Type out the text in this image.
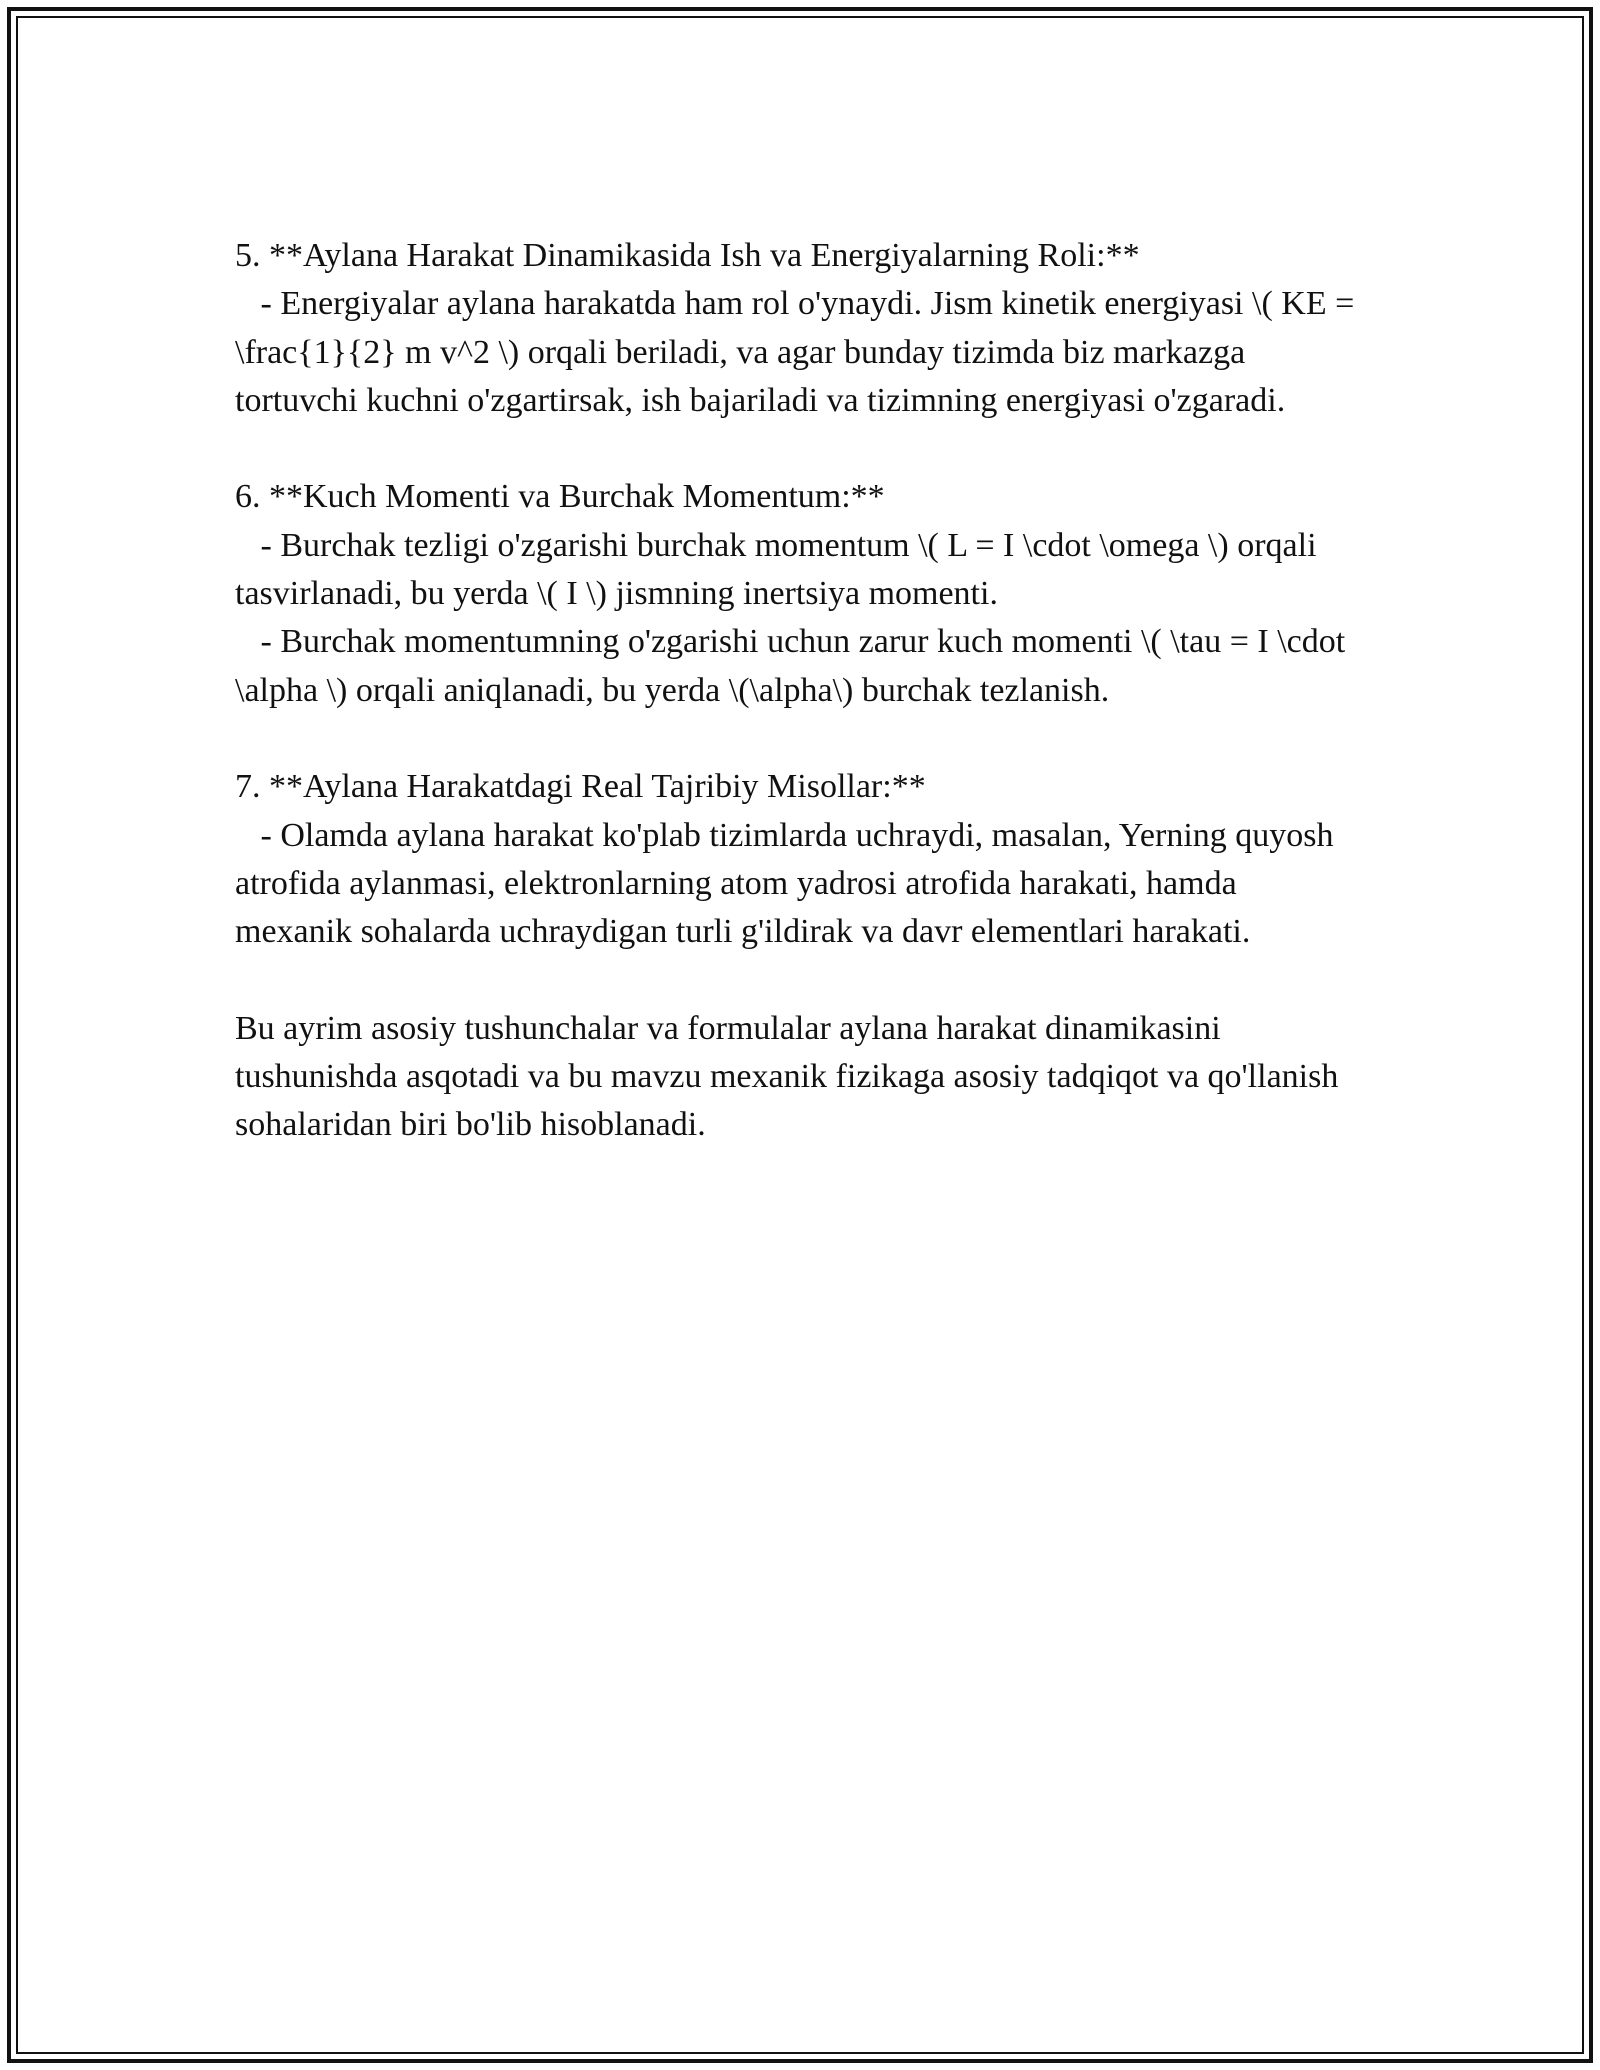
5. **Aylana Harakat Dinamikasida Ish va Energiyalarning Roli:**

- Energiyalar aylana harakatda ham rol o'ynaydi. Jism kinetik energiyasi \( KE = \frac{1}{2} m v^2 \) orqali beriladi, va agar bunday tizimda biz markazga tortuvchi kuchni o'zgartirsak, ish bajariladi va tizimning energiyasi o'zgaradi.

6. **Kuch Momenti va Burchak Momentum:**

- Burchak tezligi o'zgarishi burchak momentum \( L = I \cdot \omega \) orqali tasvirlanadi, bu yerda \( I \) jismning inertsiya momenti.

- Burchak momentumning o'zgarishi uchun zarur kuch momenti \( \tau = I \cdot \alpha \) orqali aniqlanadi, bu yerda \(\alpha\) burchak tezlanish.

7. **Aylana Harakatdagi Real Tajribiy Misollar:**

- Olamda aylana harakat ko'plab tizimlarda uchraydi, masalan, Yerning quyosh atrofida aylanmasi, elektronlarning atom yadrosi atrofida harakati, hamda mexanik sohalarda uchraydigan turli g'ildirak va davr elementlari harakati.

Bu ayrim asosiy tushunchalar va formulalar aylana harakat dinamikasini tushunishda asqotadi va bu mavzu mexanik fizikaga asosiy tadqiqot va qo'llanish sohalaridan biri bo'lib hisoblanadi.
